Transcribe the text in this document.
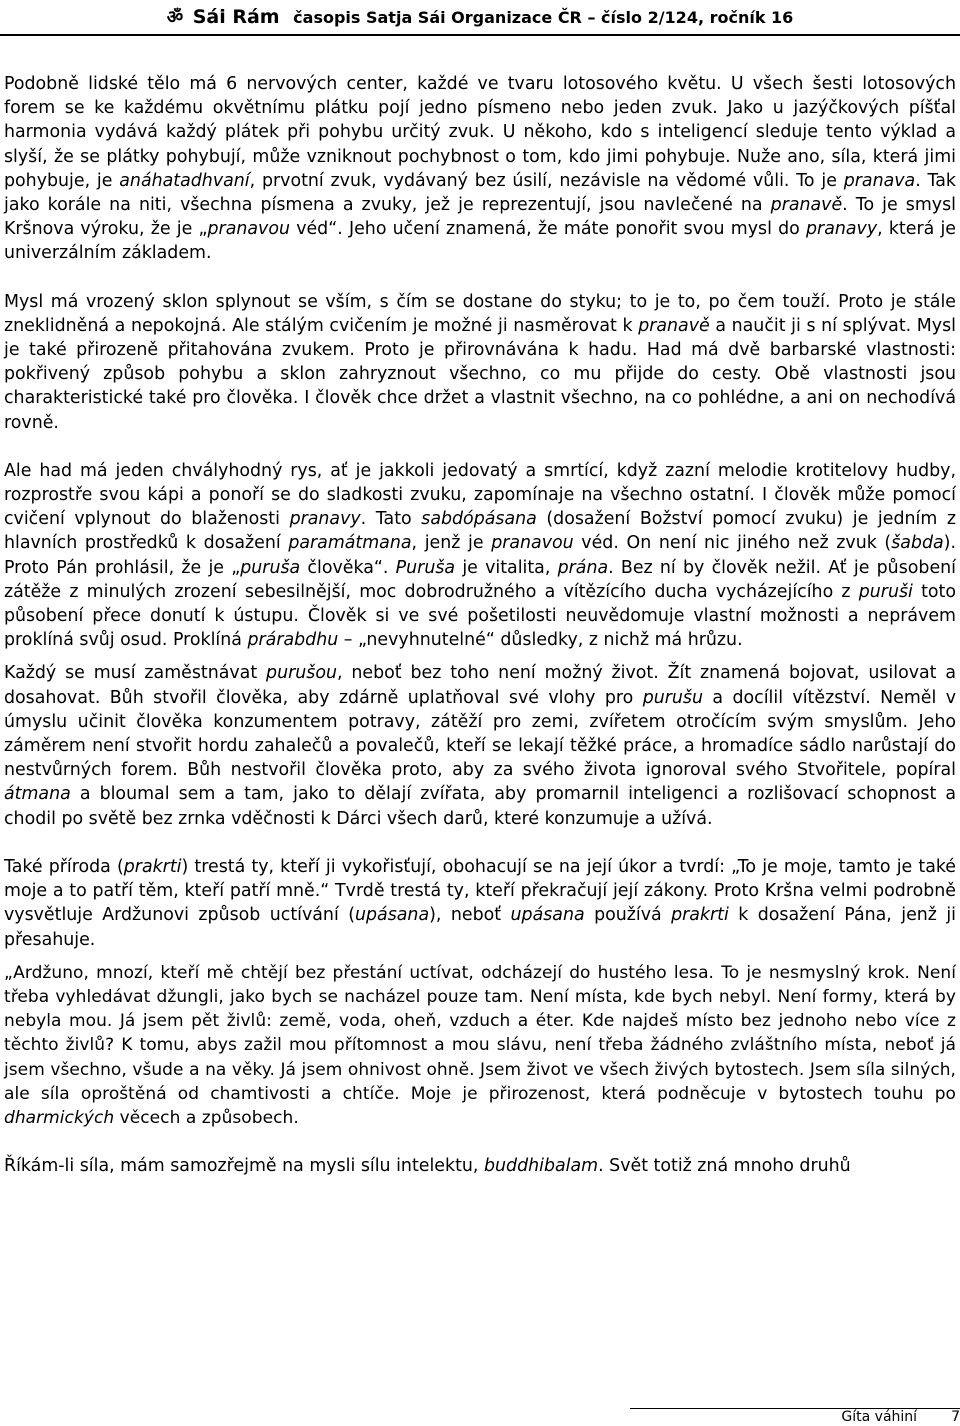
ॐ Sái Rám časopis Satja Sái Organizace ČR – číslo 2/124, ročník 16

Podobně lidské tělo má 6 nervových center, každé ve tvaru lotosového květu. U všech šesti lotosových forem se ke každému okvětnímu plátku pojí jedno písmeno nebo jeden zvuk. Jako u jazýčkových píšťal harmonia vydává každý plátek při pohybu určitý zvuk. U někoho, kdo s inteligencí sleduje tento výklad a slyší, že se plátky pohybují, může vzniknout pochybnost o tom, kdo jimi pohybuje. Nuže ano, síla, která jimi pohybuje, je anáhatadhvaní, prvotní zvuk, vydávaný bez úsilí, nezávisle na vědomé vůli. To je pranava. Tak jako korále na niti, všechna písmena a zvuky, jež je reprezentují, jsou navlečené na pranavě. To je smysl Kršnova výroku, že je „pranavou véd“. Jeho učení znamená, že máte ponořit svou mysl do pranavy, která je univerzálním základem.

Mysl má vrozený sklon splynout se vším, s čím se dostane do styku; to je to, po čem touží. Proto je stále zneklidněná a nepokojná. Ale stálým cvičením je možné ji nasměrovat k pranavě a naučit ji s ní splývat. Mysl je také přirozeně přitahována zvukem. Proto je přirovnávána k hadu. Had má dvě barbarské vlastnosti: pokřivený způsob pohybu a sklon zahryznout všechno, co mu přijde do cesty. Obě vlastnosti jsou charakteristické také pro člověka. I člověk chce držet a vlastnit všechno, na co pohlédne, a ani on nechodívá rovně.

Ale had má jeden chvályhodný rys, ať je jakkoli jedovatý a smrtící, když zazní melodie krotitelovy hudby, rozprostře svou kápi a ponoří se do sladkosti zvuku, zapomínaje na všechno ostatní. I člověk může pomocí cvičení vplynout do blaženosti pranavy. Tato sabdópásana (dosažení Božství pomocí zvuku) je jedním z hlavních prostředků k dosažení paramátmana, jenž je pranavou véd. On není nic jiného než zvuk (šabda). Proto Pán prohlásil, že je „puruša člověka“. Puruša je vitalita, prána. Bez ní by člověk nežil. Ať je působení zátěže z minulých zrození sebesilnější, moc dobrodružného a vítězícího ducha vycházejícího z puruši toto působení přece donutí k ústupu. Člověk si ve své pošetilosti neuvědomuje vlastní možnosti a neprávem proklíná svůj osud. Proklíná prárabdhu – „nevyhnutelné“ důsledky, z nichž má hrůzu.

Každý se musí zaměstnávat purušou, neboť bez toho není možný život. Žít znamená bojovat, usilovat a dosahovat. Bůh stvořil člověka, aby zdárně uplatňoval své vlohy pro purušu a docílil vítězství. Neměl v úmyslu učinit člověka konzumentem potravy, zátěží pro zemi, zvířetem otročícím svým smyslům. Jeho záměrem není stvořit hordu zahalečů a povalečů, kteří se lekají těžké práce, a hromadíce sádlo narůstají do nestvůrných forem. Bůh nestvořil člověka proto, aby za svého života ignoroval svého Stvořitele, popíral átmana a bloumal sem a tam, jako to dělají zvířata, aby promarnil inteligenci a rozlišovací schopnost a chodil po světě bez zrnka vděčnosti k Dárci všech darů, které konzumuje a užívá.

Také příroda (prakrti) trestá ty, kteří ji vykořisťují, obohacují se na její úkor a tvrdí: „To je moje, tamto je také moje a to patří těm, kteří patří mně.“ Tvrdě trestá ty, kteří překračují její zákony. Proto Kršna velmi podrobně vysvětluje Ardžunovi způsob uctívání (upásana), neboť upásana používá prakrti k dosažení Pána, jenž ji přesahuje.

„Ardžuno, mnozí, kteří mě chtějí bez přestání uctívat, odcházejí do hustého lesa. To je nesmyslný krok. Není třeba vyhledávat džungli, jako bych se nacházel pouze tam. Není místa, kde bych nebyl. Není formy, která by nebyla mou. Já jsem pět živlů: země, voda, oheň, vzduch a éter. Kde najdeš místo bez jednoho nebo více z těchto živlů? K tomu, abys zažil mou přítomnost a mou slávu, není třeba žádného zvláštního místa, neboť já jsem všechno, všude a na věky. Já jsem ohnivost ohně. Jsem život ve všech živých bytostech. Jsem síla silných, ale síla oproštěná od chamtivosti a chtíče. Moje je přirozenost, která podněcuje v bytostech touhu po dharmických věcech a způsobech.

Říkám-li síla, mám samozřejmě na mysli sílu intelektu, buddhibalam. Svět totiž zná mnoho druhů

Gíta váhiní 7
